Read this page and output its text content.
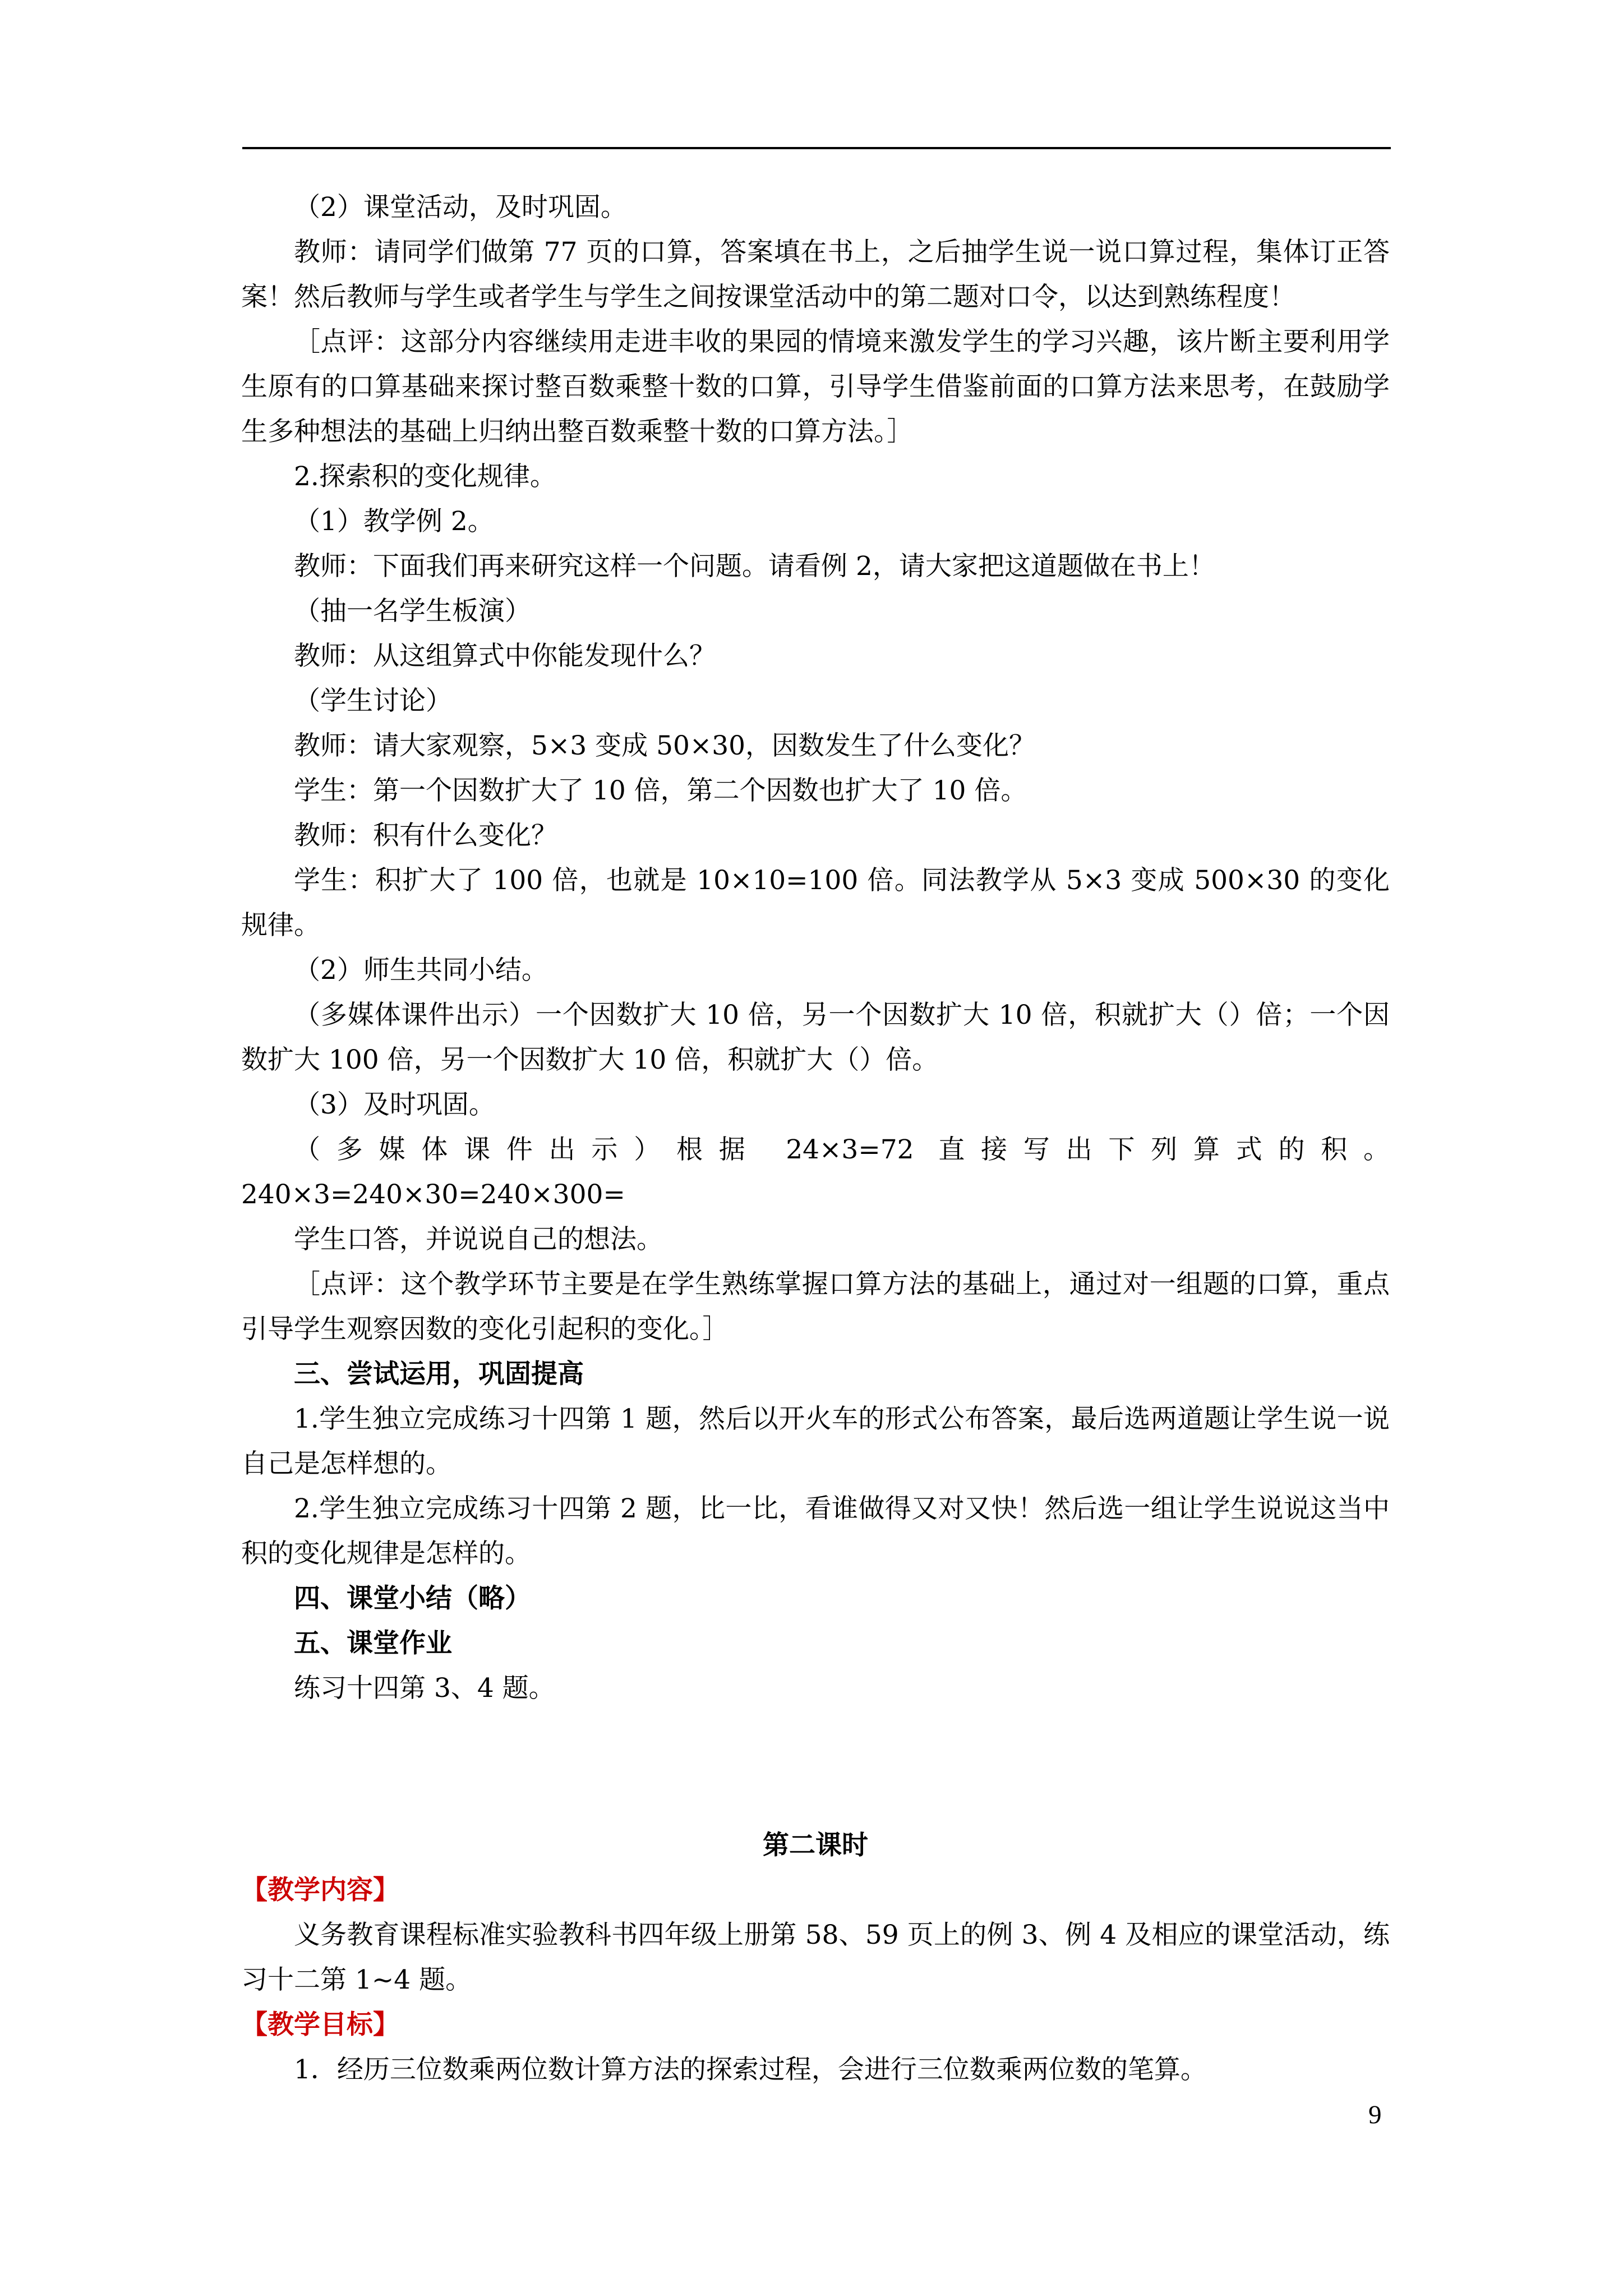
（2）课堂活动，及时巩固。

教师：请同学们做第 77 页的口算，答案填在书上，之后抽学生说一说口算过程，集体订正答案！然后教师与学生或者学生与学生之间按课堂活动中的第二题对口令，以达到熟练程度！

［点评：这部分内容继续用走进丰收的果园的情境来激发学生的学习兴趣，该片断主要利用学生原有的口算基础来探讨整百数乘整十数的口算，引导学生借鉴前面的口算方法来思考，在鼓励学生多种想法的基础上归纳出整百数乘整十数的口算方法。］

2.探索积的变化规律。

（1）教学例 2。

教师：下面我们再来研究这样一个问题。请看例 2，请大家把这道题做在书上！

（抽一名学生板演）

教师：从这组算式中你能发现什么？

（学生讨论）

教师：请大家观察，5×3 变成 50×30，因数发生了什么变化？

学生：第一个因数扩大了 10 倍，第二个因数也扩大了 10 倍。

教师：积有什么变化？

学生：积扩大了 100 倍，也就是 10×10=100 倍。同法教学从 5×3 变成 500×30 的变化规律。

（2）师生共同小结。

（多媒体课件出示）一个因数扩大 10 倍，另一个因数扩大 10 倍，积就扩大（）倍；一个因数扩大 100 倍，另一个因数扩大 10 倍，积就扩大（）倍。

（3）及时巩固。

（多媒体课件出示）根据 24×3=72 直接写出下列算式的积。240×3=240×30=240×300=

学生口答，并说说自己的想法。

［点评：这个教学环节主要是在学生熟练掌握口算方法的基础上，通过对一组题的口算，重点引导学生观察因数的变化引起积的变化。］

三、尝试运用，巩固提高

1.学生独立完成练习十四第 1 题，然后以开火车的形式公布答案，最后选两道题让学生说一说自己是怎样想的。

2.学生独立完成练习十四第 2 题，比一比，看谁做得又对又快！然后选一组让学生说说这当中积的变化规律是怎样的。

四、课堂小结（略）

五、课堂作业

练习十四第 3、4 题。

第二课时

【教学内容】

义务教育课程标准实验教科书四年级上册第 58、59 页上的例 3、例 4 及相应的课堂活动，练习十二第 1~4 题。

【教学目标】

1．经历三位数乘两位数计算方法的探索过程，会进行三位数乘两位数的笔算。

9
